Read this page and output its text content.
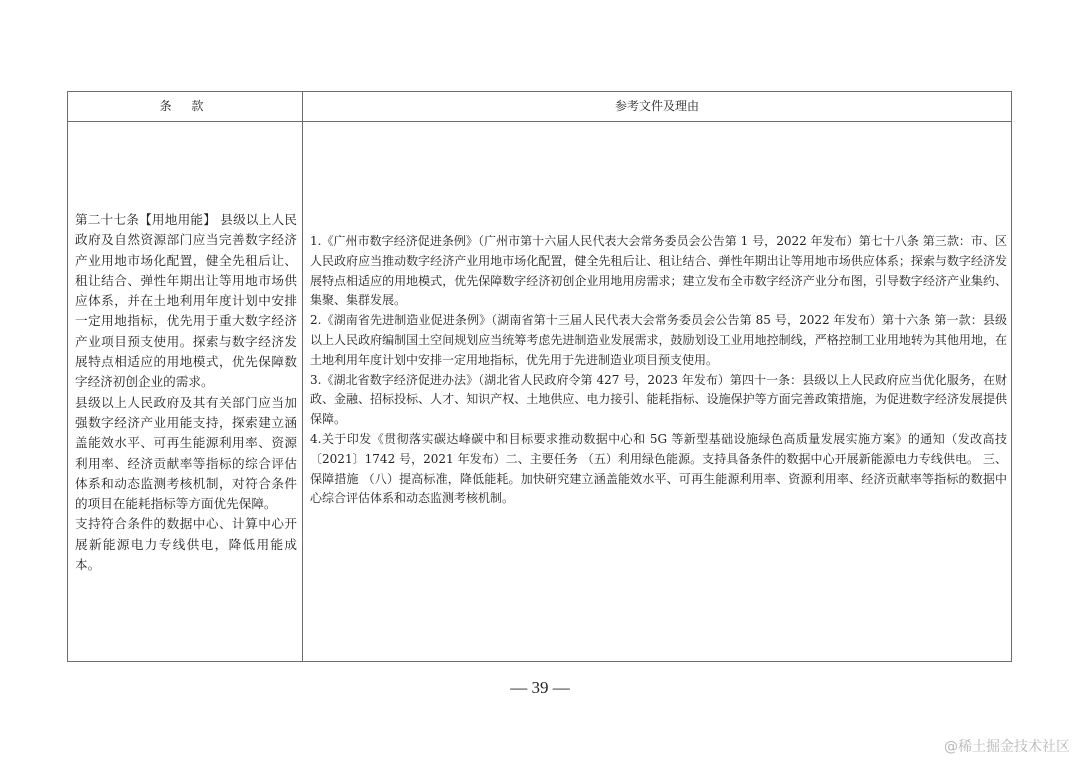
条 款	参考文件及理由

第二十七条【用地用能】 县级以上人民政府及自然资源部门应当完善数字经济产业用地市场化配置，健全先租后让、租让结合、弹性年期出让等用地市场供应体系，并在土地利用年度计划中安排一定用地指标，优先用于重大数字经济产业项目预支使用。探索与数字经济发展特点相适应的用地模式，优先保障数字经济初创企业的需求。

县级以上人民政府及其有关部门应当加强数字经济产业用能支持，探索建立涵盖能效水平、可再生能源利用率、资源利用率、经济贡献率等指标的综合评估体系和动态监测考核机制，对符合条件的项目在能耗指标等方面优先保障。

支持符合条件的数据中心、计算中心开展新能源电力专线供电，降低用能成本。

1.《广州市数字经济促进条例》（广州市第十六届人民代表大会常务委员会公告第 1 号，2022 年发布）第七十八条 第三款：市、区人民政府应当推动数字经济产业用地市场化配置，健全先租后让、租让结合、弹性年期出让等用地市场供应体系；探索与数字经济发展特点相适应的用地模式，优先保障数字经济初创企业用地用房需求；建立发布全市数字经济产业分布图，引导数字经济产业集约、集聚、集群发展。

2.《湖南省先进制造业促进条例》（湖南省第十三届人民代表大会常务委员会公告第 85 号，2022 年发布）第十六条 第一款：县级以上人民政府编制国土空间规划应当统筹考虑先进制造业发展需求，鼓励划设工业用地控制线，严格控制工业用地转为其他用地，在土地利用年度计划中安排一定用地指标，优先用于先进制造业项目预支使用。

3.《湖北省数字经济促进办法》（湖北省人民政府令第 427 号，2023 年发布）第四十一条：县级以上人民政府应当优化服务，在财政、金融、招标投标、人才、知识产权、土地供应、电力接引、能耗指标、设施保护等方面完善政策措施，为促进数字经济发展提供保障。

4.关于印发《贯彻落实碳达峰碳中和目标要求推动数据中心和 5G 等新型基础设施绿色高质量发展实施方案》的通知（发改高技〔2021〕1742 号，2021 年发布）二、主要任务 （五）利用绿色能源。支持具备条件的数据中心开展新能源电力专线供电。 三、保障措施 （八）提高标准，降低能耗。加快研究建立涵盖能效水平、可再生能源利用率、资源利用率、经济贡献率等指标的数据中心综合评估体系和动态监测考核机制。

— 39 —
@稀土掘金技术社区
